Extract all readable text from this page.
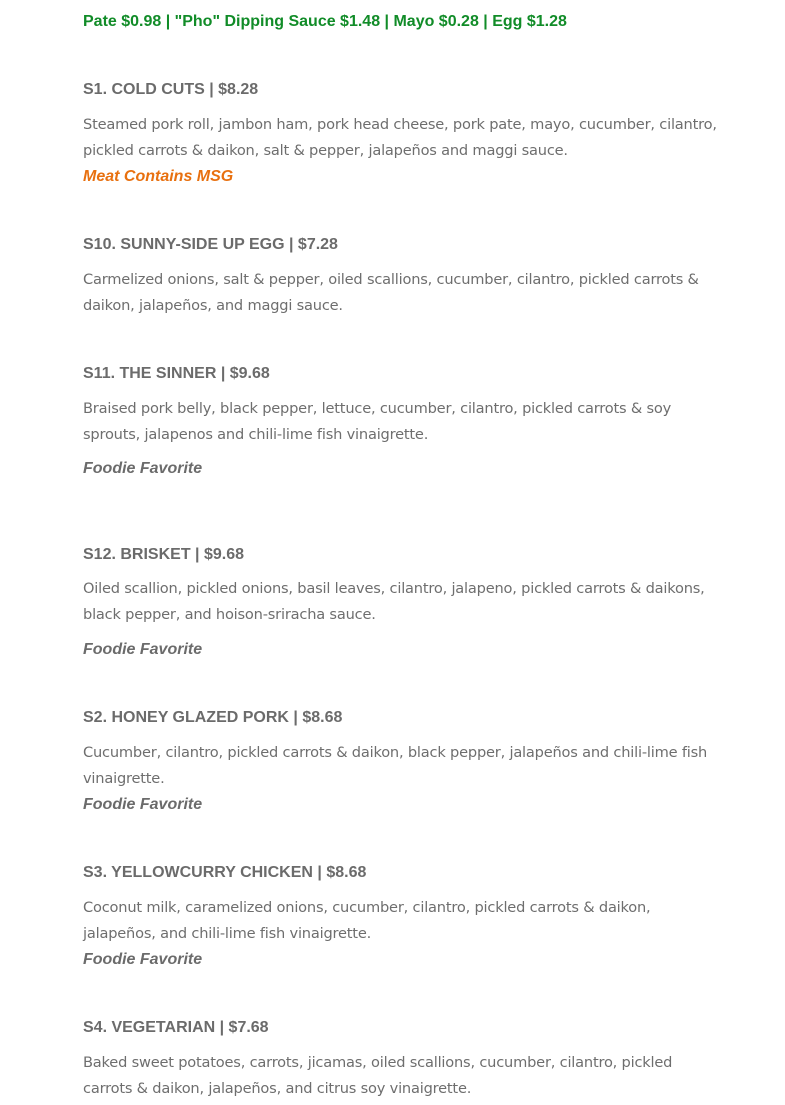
Pate $0.98 | "Pho" Dipping Sauce $1.48 | Mayo $0.28 | Egg $1.28

S1. COLD CUTS | $8.28

Steamed pork roll, jambon ham, pork head cheese, pork pate, mayo, cucumber, cilantro, pickled carrots & daikon, salt & pepper, jalapeños and maggi sauce.

Meat Contains MSG

S10. SUNNY-SIDE UP EGG | $7.28

Carmelized onions, salt & pepper, oiled scallions, cucumber, cilantro, pickled carrots & daikon, jalapeños, and maggi sauce.

S11. THE SINNER | $9.68

Braised pork belly, black pepper, lettuce, cucumber, cilantro, pickled carrots & soy sprouts, jalapenos and chili-lime fish vinaigrette.

Foodie Favorite

S12. BRISKET | $9.68

Oiled scallion, pickled onions, basil leaves, cilantro, jalapeno, pickled carrots & daikons, black pepper, and hoison-sriracha sauce.

Foodie Favorite

S2. HONEY GLAZED PORK | $8.68

Cucumber, cilantro, pickled carrots & daikon, black pepper, jalapeños and chili-lime fish vinaigrette.

Foodie Favorite

S3. YELLOWCURRY CHICKEN | $8.68

Coconut milk, caramelized onions, cucumber, cilantro, pickled carrots & daikon, jalapeños, and chili-lime fish vinaigrette.

Foodie Favorite

S4. VEGETARIAN | $7.68

Baked sweet potatoes, carrots, jicamas, oiled scallions, cucumber, cilantro, pickled carrots & daikon, jalapeños, and citrus soy vinaigrette.
